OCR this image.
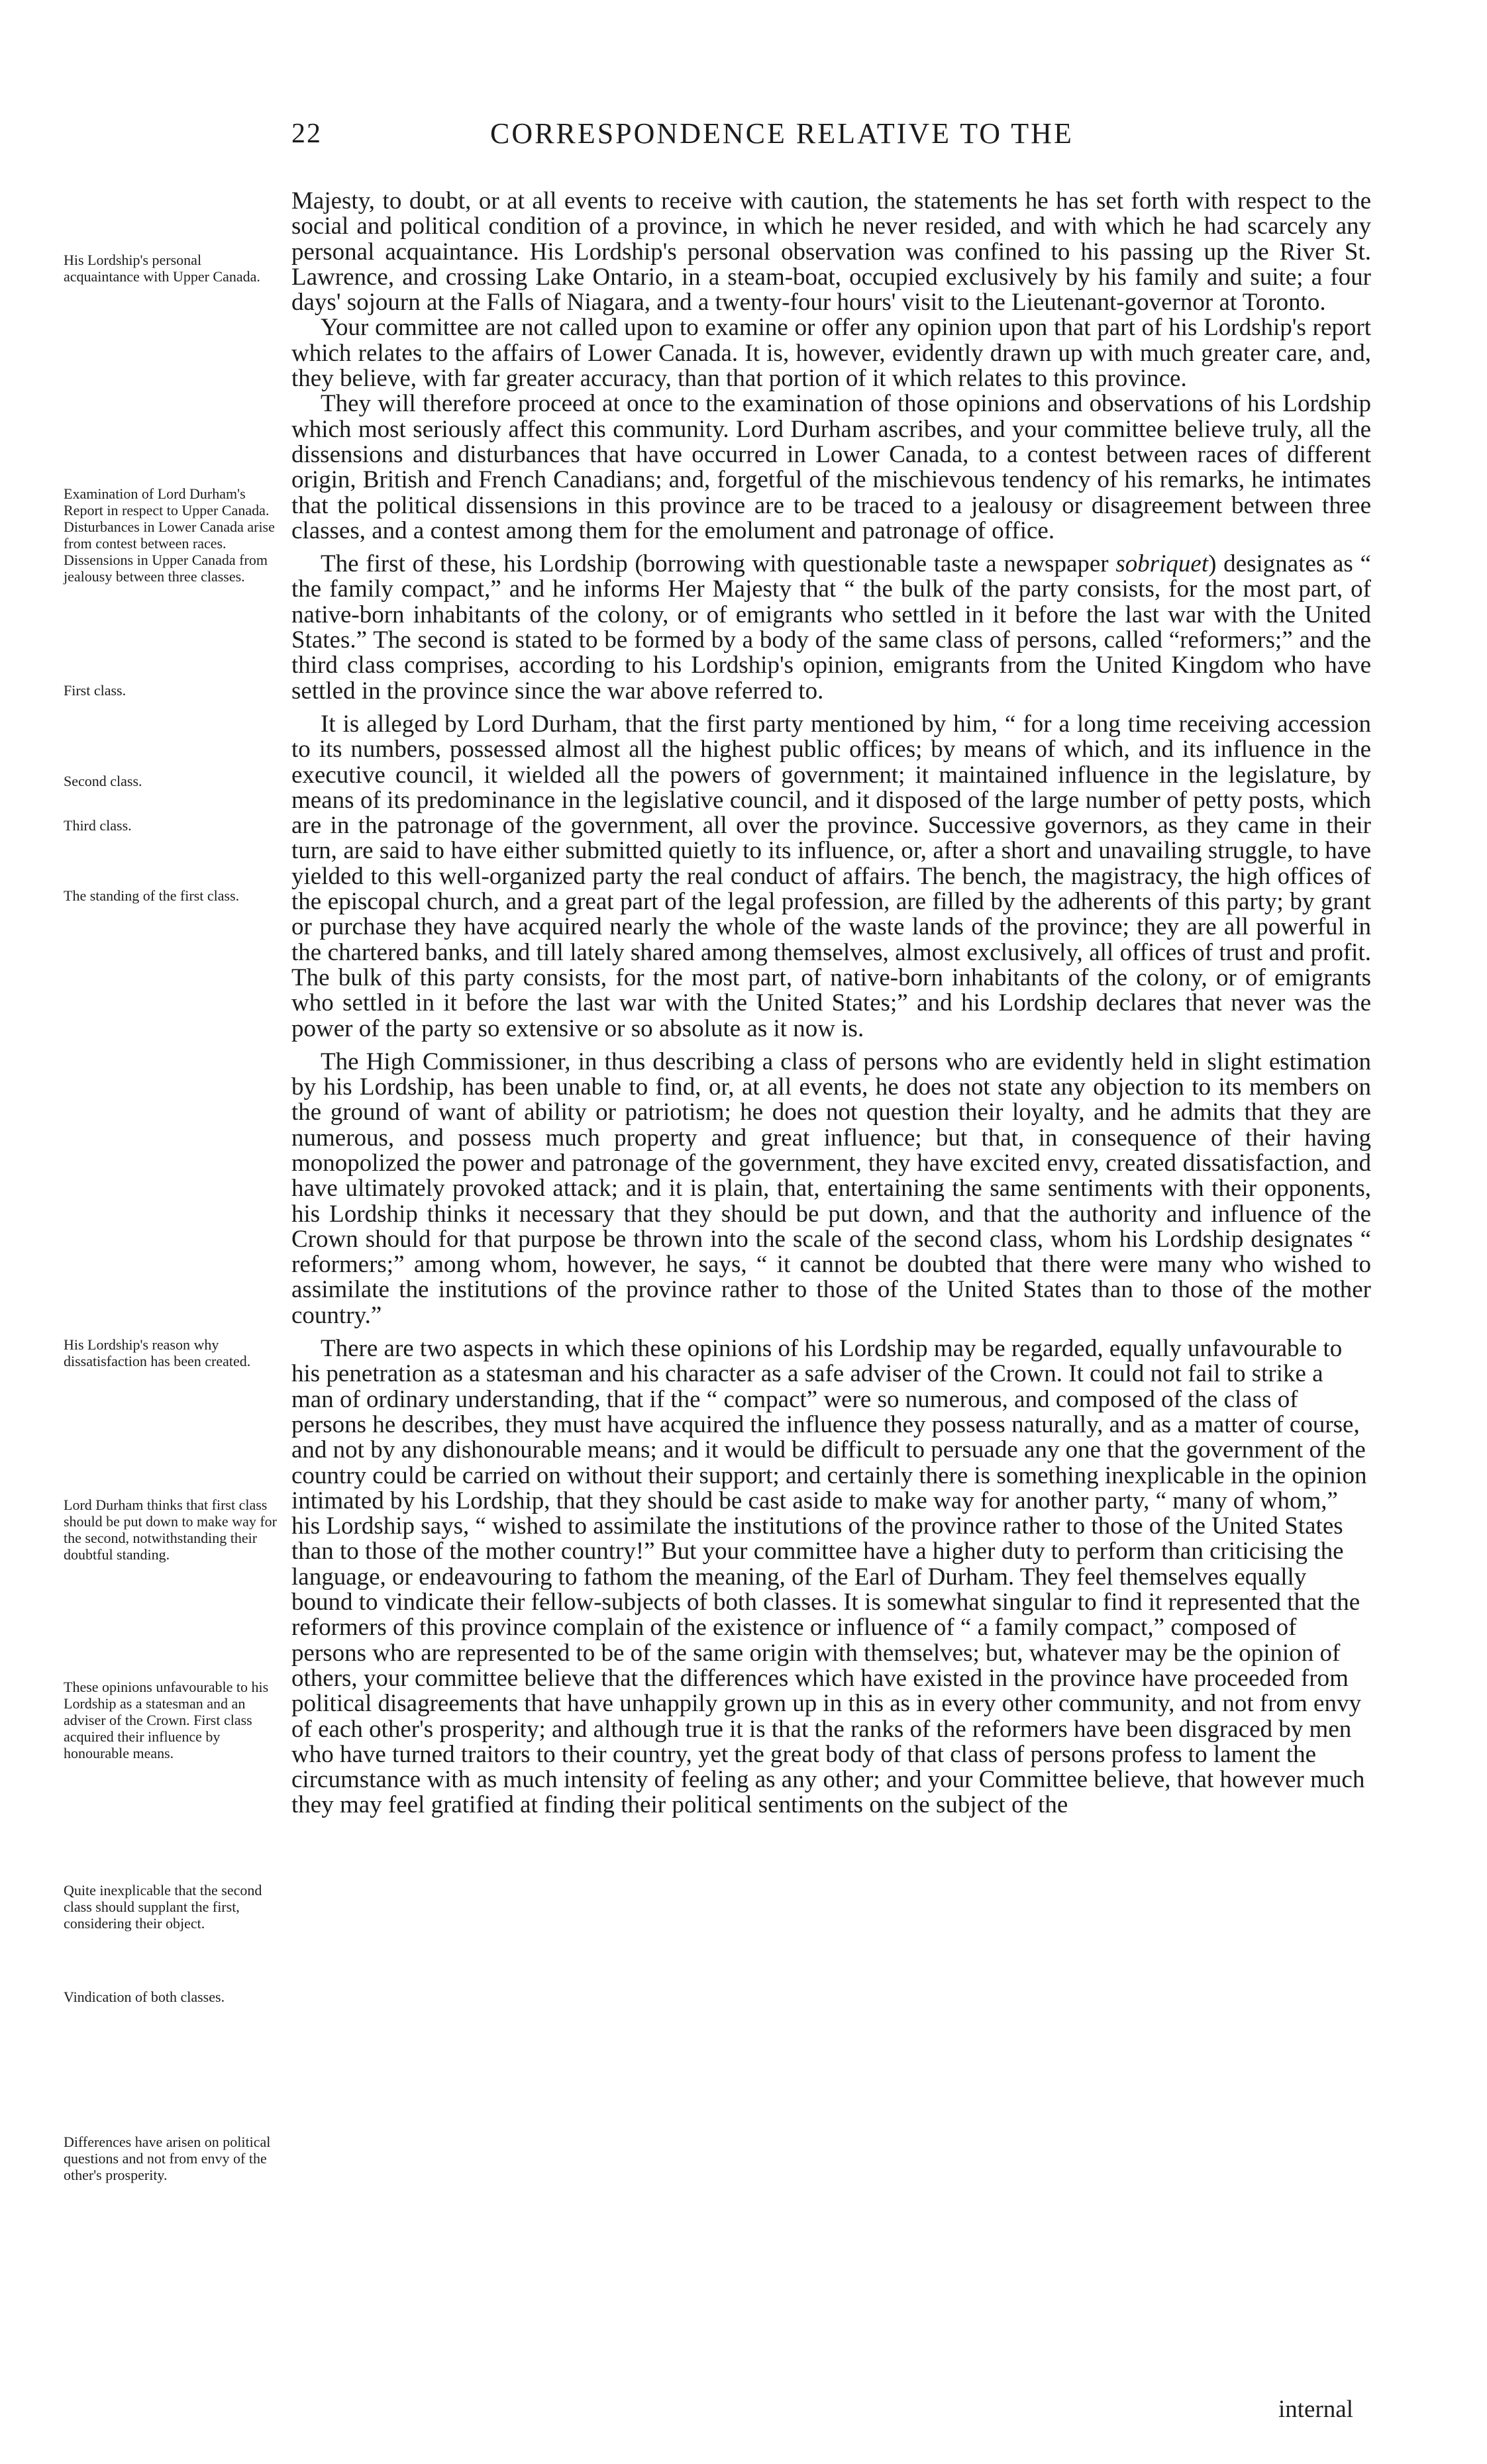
22	CORRESPONDENCE RELATIVE TO THE
His Lordship's personal acquaintance with Upper Canada.
Examination of Lord Durham's Report in respect to Upper Canada. Disturbances in Lower Canada arise from contest between races. Dissensions in Upper Canada from jealousy between three classes.
First class.
Second class.
Third class.
The standing of the first class.
His Lordship's reason why dissatisfaction has been created.
Lord Durham thinks that first class should be put down to make way for the second, notwithstanding their doubtful standing.
These opinions unfavourable to his Lordship as a statesman and an adviser of the Crown. First class acquired their influence by honourable means.
Quite inexplicable that the second class should supplant the first, considering their object.
Vindication of both classes.
Differences have arisen on political questions and not from envy of the other's prosperity.

Majesty, to doubt, or at all events to receive with caution, the statements he has set forth with respect to the social and political condition of a province, in which he never resided, and with which he had scarcely any personal acquaintance. His Lordship's personal observation was confined to his passing up the River St. Lawrence, and crossing Lake Ontario, in a steam-boat, occupied exclusively by his family and suite; a four days' sojourn at the Falls of Niagara, and a twenty-four hours' visit to the Lieutenant-governor at Toronto.

Your committee are not called upon to examine or offer any opinion upon that part of his Lordship's report which relates to the affairs of Lower Canada. It is, however, evidently drawn up with much greater care, and, they believe, with far greater accuracy, than that portion of it which relates to this province.

They will therefore proceed at once to the examination of those opinions and observations of his Lordship which most seriously affect this community. Lord Durham ascribes, and your committee believe truly, all the dissensions and disturbances that have occurred in Lower Canada, to a contest between races of different origin, British and French Canadians; and, forgetful of the mischievous tendency of his remarks, he intimates that the political dissensions in this province are to be traced to a jealousy or disagreement between three classes, and a contest among them for the emolument and patronage of office.

The first of these, his Lordship (borrowing with questionable taste a newspaper sobriquet) designates as “ the family compact,” and he informs Her Majesty that “ the bulk of the party consists, for the most part, of native-born inhabitants of the colony, or of emigrants who settled in it before the last war with the United States.” The second is stated to be formed by a body of the same class of persons, called “reformers;” and the third class comprises, according to his Lordship's opinion, emigrants from the United Kingdom who have settled in the province since the war above referred to.

It is alleged by Lord Durham, that the first party mentioned by him, “ for a long time receiving accession to its numbers, possessed almost all the highest public offices; by means of which, and its influence in the executive council, it wielded all the powers of government; it maintained influence in the legislature, by means of its predominance in the legislative council, and it disposed of the large number of petty posts, which are in the patronage of the government, all over the province. Successive governors, as they came in their turn, are said to have either submitted quietly to its influence, or, after a short and unavailing struggle, to have yielded to this well-organized party the real conduct of affairs. The bench, the magistracy, the high offices of the episcopal church, and a great part of the legal profession, are filled by the adherents of this party; by grant or purchase they have acquired nearly the whole of the waste lands of the province; they are all powerful in the chartered banks, and till lately shared among themselves, almost exclusively, all offices of trust and profit. The bulk of this party consists, for the most part, of native-born inhabitants of the colony, or of emigrants who settled in it before the last war with the United States;” and his Lordship declares that never was the power of the party so extensive or so absolute as it now is.

The High Commissioner, in thus describing a class of persons who are evidently held in slight estimation by his Lordship, has been unable to find, or, at all events, he does not state any objection to its members on the ground of want of ability or patriotism; he does not question their loyalty, and he admits that they are numerous, and possess much property and great influence; but that, in consequence of their having monopolized the power and patronage of the government, they have excited envy, created dissatisfaction, and have ultimately provoked attack; and it is plain, that, entertaining the same sentiments with their opponents, his Lordship thinks it necessary that they should be put down, and that the authority and influence of the Crown should for that purpose be thrown into the scale of the second class, whom his Lordship designates “ reformers;” among whom, however, he says, “ it cannot be doubted that there were many who wished to assimilate the institutions of the province rather to those of the United States than to those of the mother country.”

There are two aspects in which these opinions of his Lordship may be regarded, equally unfavourable to his penetration as a statesman and his character as a safe adviser of the Crown. It could not fail to strike a man of ordinary understanding, that if the “ compact” were so numerous, and composed of the class of persons he describes, they must have acquired the influence they possess naturally, and as a matter of course, and not by any dishonourable means; and it would be difficult to persuade any one that the government of the country could be carried on without their support; and certainly there is something inexplicable in the opinion intimated by his Lordship, that they should be cast aside to make way for another party, “ many of whom,” his Lordship says, “ wished to assimilate the institutions of the province rather to those of the United States than to those of the mother country!” But your committee have a higher duty to perform than criticising the language, or endeavouring to fathom the meaning, of the Earl of Durham. They feel themselves equally bound to vindicate their fellow-subjects of both classes. It is somewhat singular to find it represented that the reformers of this province complain of the existence or influence of “ a family compact,” composed of persons who are represented to be of the same origin with themselves; but, whatever may be the opinion of others, your committee believe that the differences which have existed in the province have proceeded from political disagreements that have unhappily grown up in this as in every other community, and not from envy of each other's prosperity; and although true it is that the ranks of the reformers have been disgraced by men who have turned traitors to their country, yet the great body of that class of persons profess to lament the circumstance with as much intensity of feeling as any other; and your Committee believe, that however much they may feel gratified at finding their political sentiments on the subject of the

internal
